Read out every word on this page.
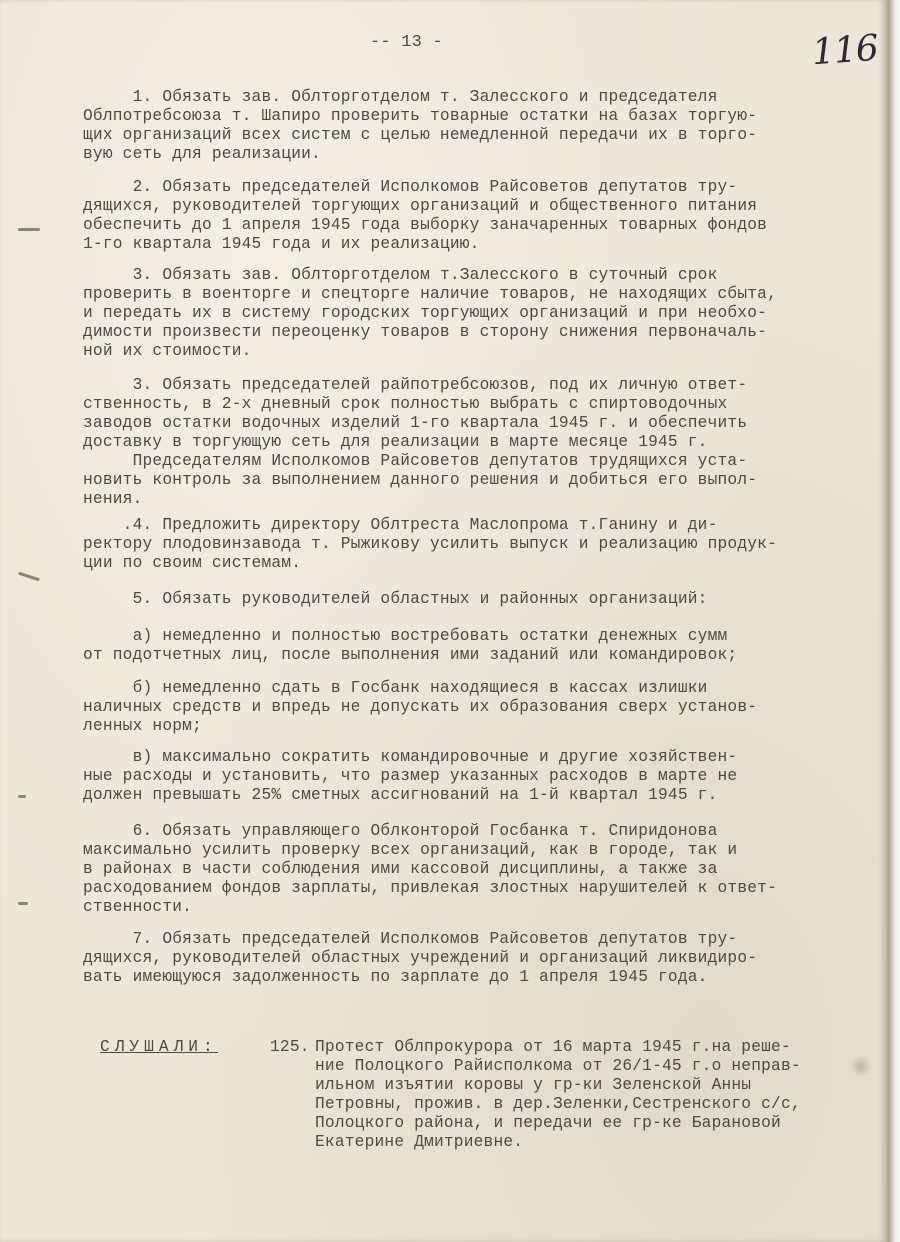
-- 13 -	116
1. Обязать зав. Облторготделом т. Залесского и председателя
Облпотребсоюза т. Шапиро проверить товарные остатки на базах торгую-
щих организаций всех систем с целью немедленной передачи их в торго-
вую сеть для реализации.
2. Обязать председателей Исполкомов Райсоветов депутатов тру-
дящихся, руководителей торгующих организаций и общественного питания
обеспечить до 1 апреля 1945 года выборку заначаренных товарных фондов
1-го квартала 1945 года и их реализацию.
3. Обязать зав. Облторготделом т.Залесского в суточный срок
проверить в военторге и спецторге наличие товаров, не находящих сбыта,
и передать их в систему городских торгующих организаций и при необхо-
димости произвести переоценку товаров в сторону снижения первоначаль-
ной их стоимости.
3. Обязать председателей райпотребсоюзов, под их личную ответ-
ственность, в 2-х дневный срок полностью выбрать с спиртоводочных
заводов остатки водочных изделий 1-го квартала 1945 г. и обеспечить
доставку в торгующую сеть для реализации в марте месяце 1945 г.
Председателям Исполкомов Райсоветов депутатов трудящихся уста-
новить контроль за выполнением данного решения и добиться его выпол-
нения.
.4. Предложить директору Облтреста Маслопрома т.Ганину и ди-
ректору плодовинзавода т. Рыжикову усилить выпуск и реализацию продук-
ции по своим системам.
5. Обязать руководителей областных и районных организаций:
а) немедленно и полностью востребовать остатки денежных сумм
от подотчетных лиц, после выполнения ими заданий или командировок;
б) немедленно сдать в Госбанк находящиеся в кассах излишки
наличных средств и впредь не допускать их образования сверх установ-
ленных норм;
в) максимально сократить командировочные и другие хозяйствен-
ные расходы и установить, что размер указанных расходов в марте не
должен превышать 25% сметных ассигнований на 1-й квартал 1945 г.
6. Обязать управляющего Облконторой Госбанка т. Спиридонова
максимально усилить проверку всех организаций, как в городе, так и
в районах в части соблюдения ими кассовой дисциплины, а также за
расходованием фондов зарплаты, привлекая злостных нарушителей к ответ-
ственности.
7. Обязать председателей Исполкомов Райсоветов депутатов тру-
дящихся, руководителей областных учреждений и организаций ликвидиро-
вать имеющуюся задолженность по зарплате до 1 апреля 1945 года.
СЛУШАЛИ:	125. Протест Облпрокурора от 16 марта 1945 г.на реше-
ние Полоцкого Райисполкома от 26/1-45 г.о неправ-
ильном изъятии коровы у гр-ки Зеленской Анны
Петровны, прожив. в дер.Зеленки,Сестренского с/с,
Полоцкого района, и передачи ее гр-ке Барановой
Екатерине Дмитриевне.
